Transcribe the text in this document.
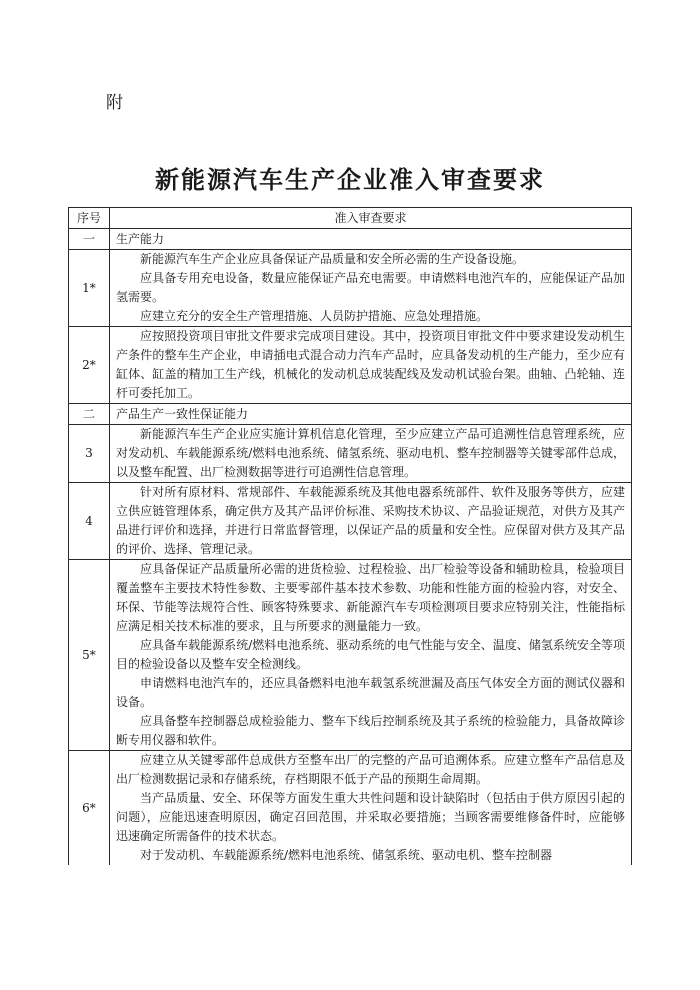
附
新能源汽车生产企业准入审查要求
序号	准入审查要求
一	生产能力
1*	新能源汽车生产企业应具备保证产品质量和安全所必需的生产设备设施。

应具备专用充电设备，数量应能保证产品充电需要。申请燃料电池汽车的，应能保证产品加氢需要。

应建立充分的安全生产管理措施、人员防护措施、应急处理措施。

2*	应按照投资项目审批文件要求完成项目建设。其中，投资项目审批文件中要求建设发动机生产条件的整车生产企业，申请插电式混合动力汽车产品时，应具备发动机的生产能力，至少应有缸体、缸盖的精加工生产线，机械化的发动机总成装配线及发动机试验台架。曲轴、凸轮轴、连杆可委托加工。

二	产品生产一致性保证能力
3	新能源汽车生产企业应实施计算机信息化管理，至少应建立产品可追溯性信息管理系统，应对发动机、车载能源系统/燃料电池系统、储氢系统、驱动电机、整车控制器等关键零部件总成，以及整车配置、出厂检测数据等进行可追溯性信息管理。

4	针对所有原材料、常规部件、车载能源系统及其他电器系统部件、软件及服务等供方，应建立供应链管理体系，确定供方及其产品评价标准、采购技术协议、产品验证规范，对供方及其产品进行评价和选择，并进行日常监督管理，以保证产品的质量和安全性。应保留对供方及其产品的评价、选择、管理记录。

5*	应具备保证产品质量所必需的进货检验、过程检验、出厂检验等设备和辅助检具，检验项目覆盖整车主要技术特性参数、主要零部件基本技术参数、功能和性能方面的检验内容，对安全、环保、节能等法规符合性、顾客特殊要求、新能源汽车专项检测项目要求应特别关注，性能指标应满足相关技术标准的要求，且与所要求的测量能力一致。

应具备车载能源系统/燃料电池系统、驱动系统的电气性能与安全、温度、储氢系统安全等项目的检验设备以及整车安全检测线。

申请燃料电池汽车的，还应具备燃料电池车载氢系统泄漏及高压气体安全方面的测试仪器和设备。

应具备整车控制器总成检验能力、整车下线后控制系统及其子系统的检验能力，具备故障诊断专用仪器和软件。

6*	应建立从关键零部件总成供方至整车出厂的完整的产品可追溯体系。应建立整车产品信息及出厂检测数据记录和存储系统，存档期限不低于产品的预期生命周期。

当产品质量、安全、环保等方面发生重大共性问题和设计缺陷时（包括由于供方原因引起的问题），应能迅速查明原因，确定召回范围，并采取必要措施；当顾客需要维修备件时，应能够迅速确定所需备件的技术状态。

对于发动机、车载能源系统/燃料电池系统、储氢系统、驱动电机、整车控制器
